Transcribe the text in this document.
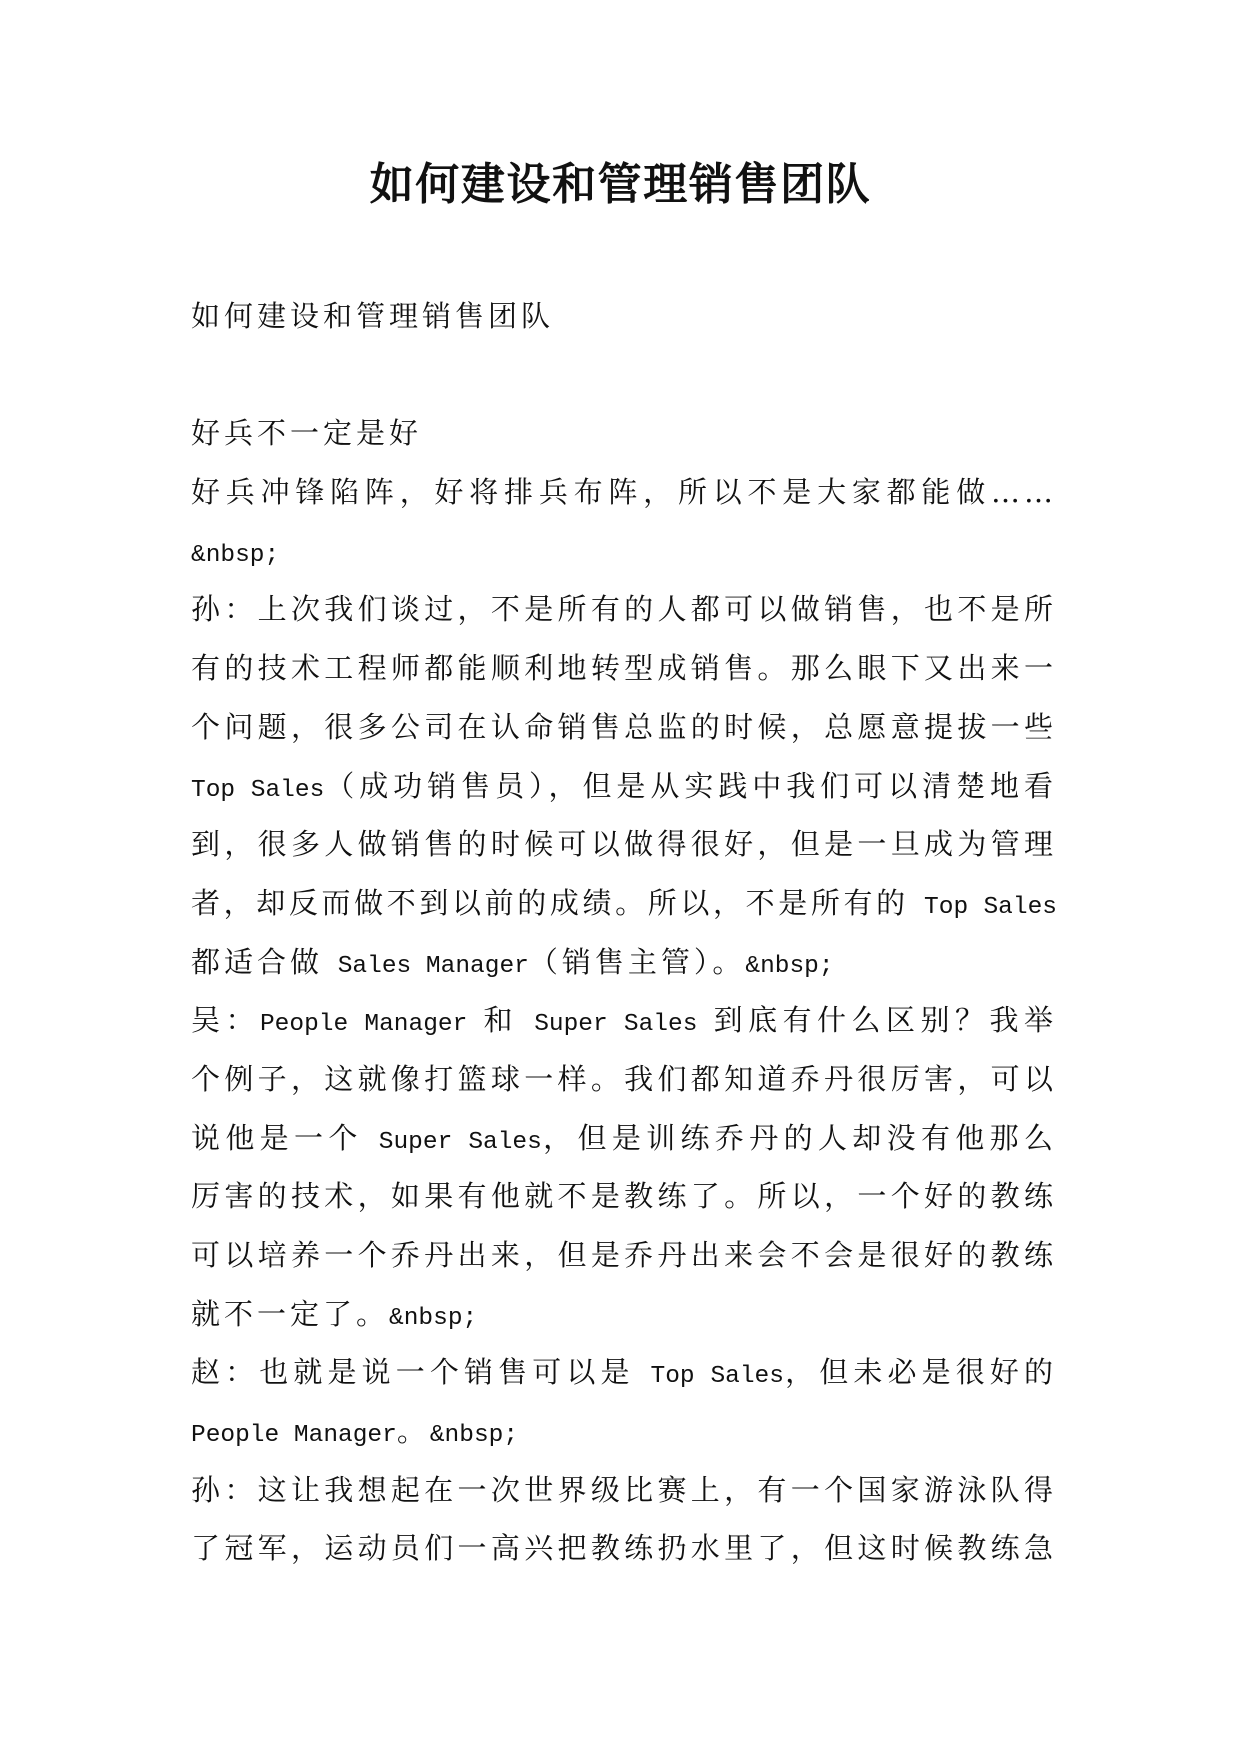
如何建设和管理销售团队
如何建设和管理销售团队
好兵不一定是好
好兵冲锋陷阵，好将排兵布阵，所以不是大家都能做……
&nbsp;
孙：上次我们谈过，不是所有的人都可以做销售，也不是所
有的技术工程师都能顺利地转型成销售。那么眼下又出来一
个问题，很多公司在认命销售总监的时候，总愿意提拔一些
Top Sales（成功销售员），但是从实践中我们可以清楚地看
到，很多人做销售的时候可以做得很好，但是一旦成为管理
者，却反而做不到以前的成绩。所以，不是所有的 Top Sales
都适合做 Sales Manager（销售主管）。&nbsp;
吴：People Manager 和 Super Sales 到底有什么区别？我举
个例子，这就像打篮球一样。我们都知道乔丹很厉害，可以
说他是一个 Super Sales，但是训练乔丹的人却没有他那么
厉害的技术，如果有他就不是教练了。所以，一个好的教练
可以培养一个乔丹出来，但是乔丹出来会不会是很好的教练
就不一定了。&nbsp;
赵：也就是说一个销售可以是 Top Sales，但未必是很好的
People Manager。&nbsp;
孙：这让我想起在一次世界级比赛上，有一个国家游泳队得
了冠军，运动员们一高兴把教练扔水里了，但这时候教练急
